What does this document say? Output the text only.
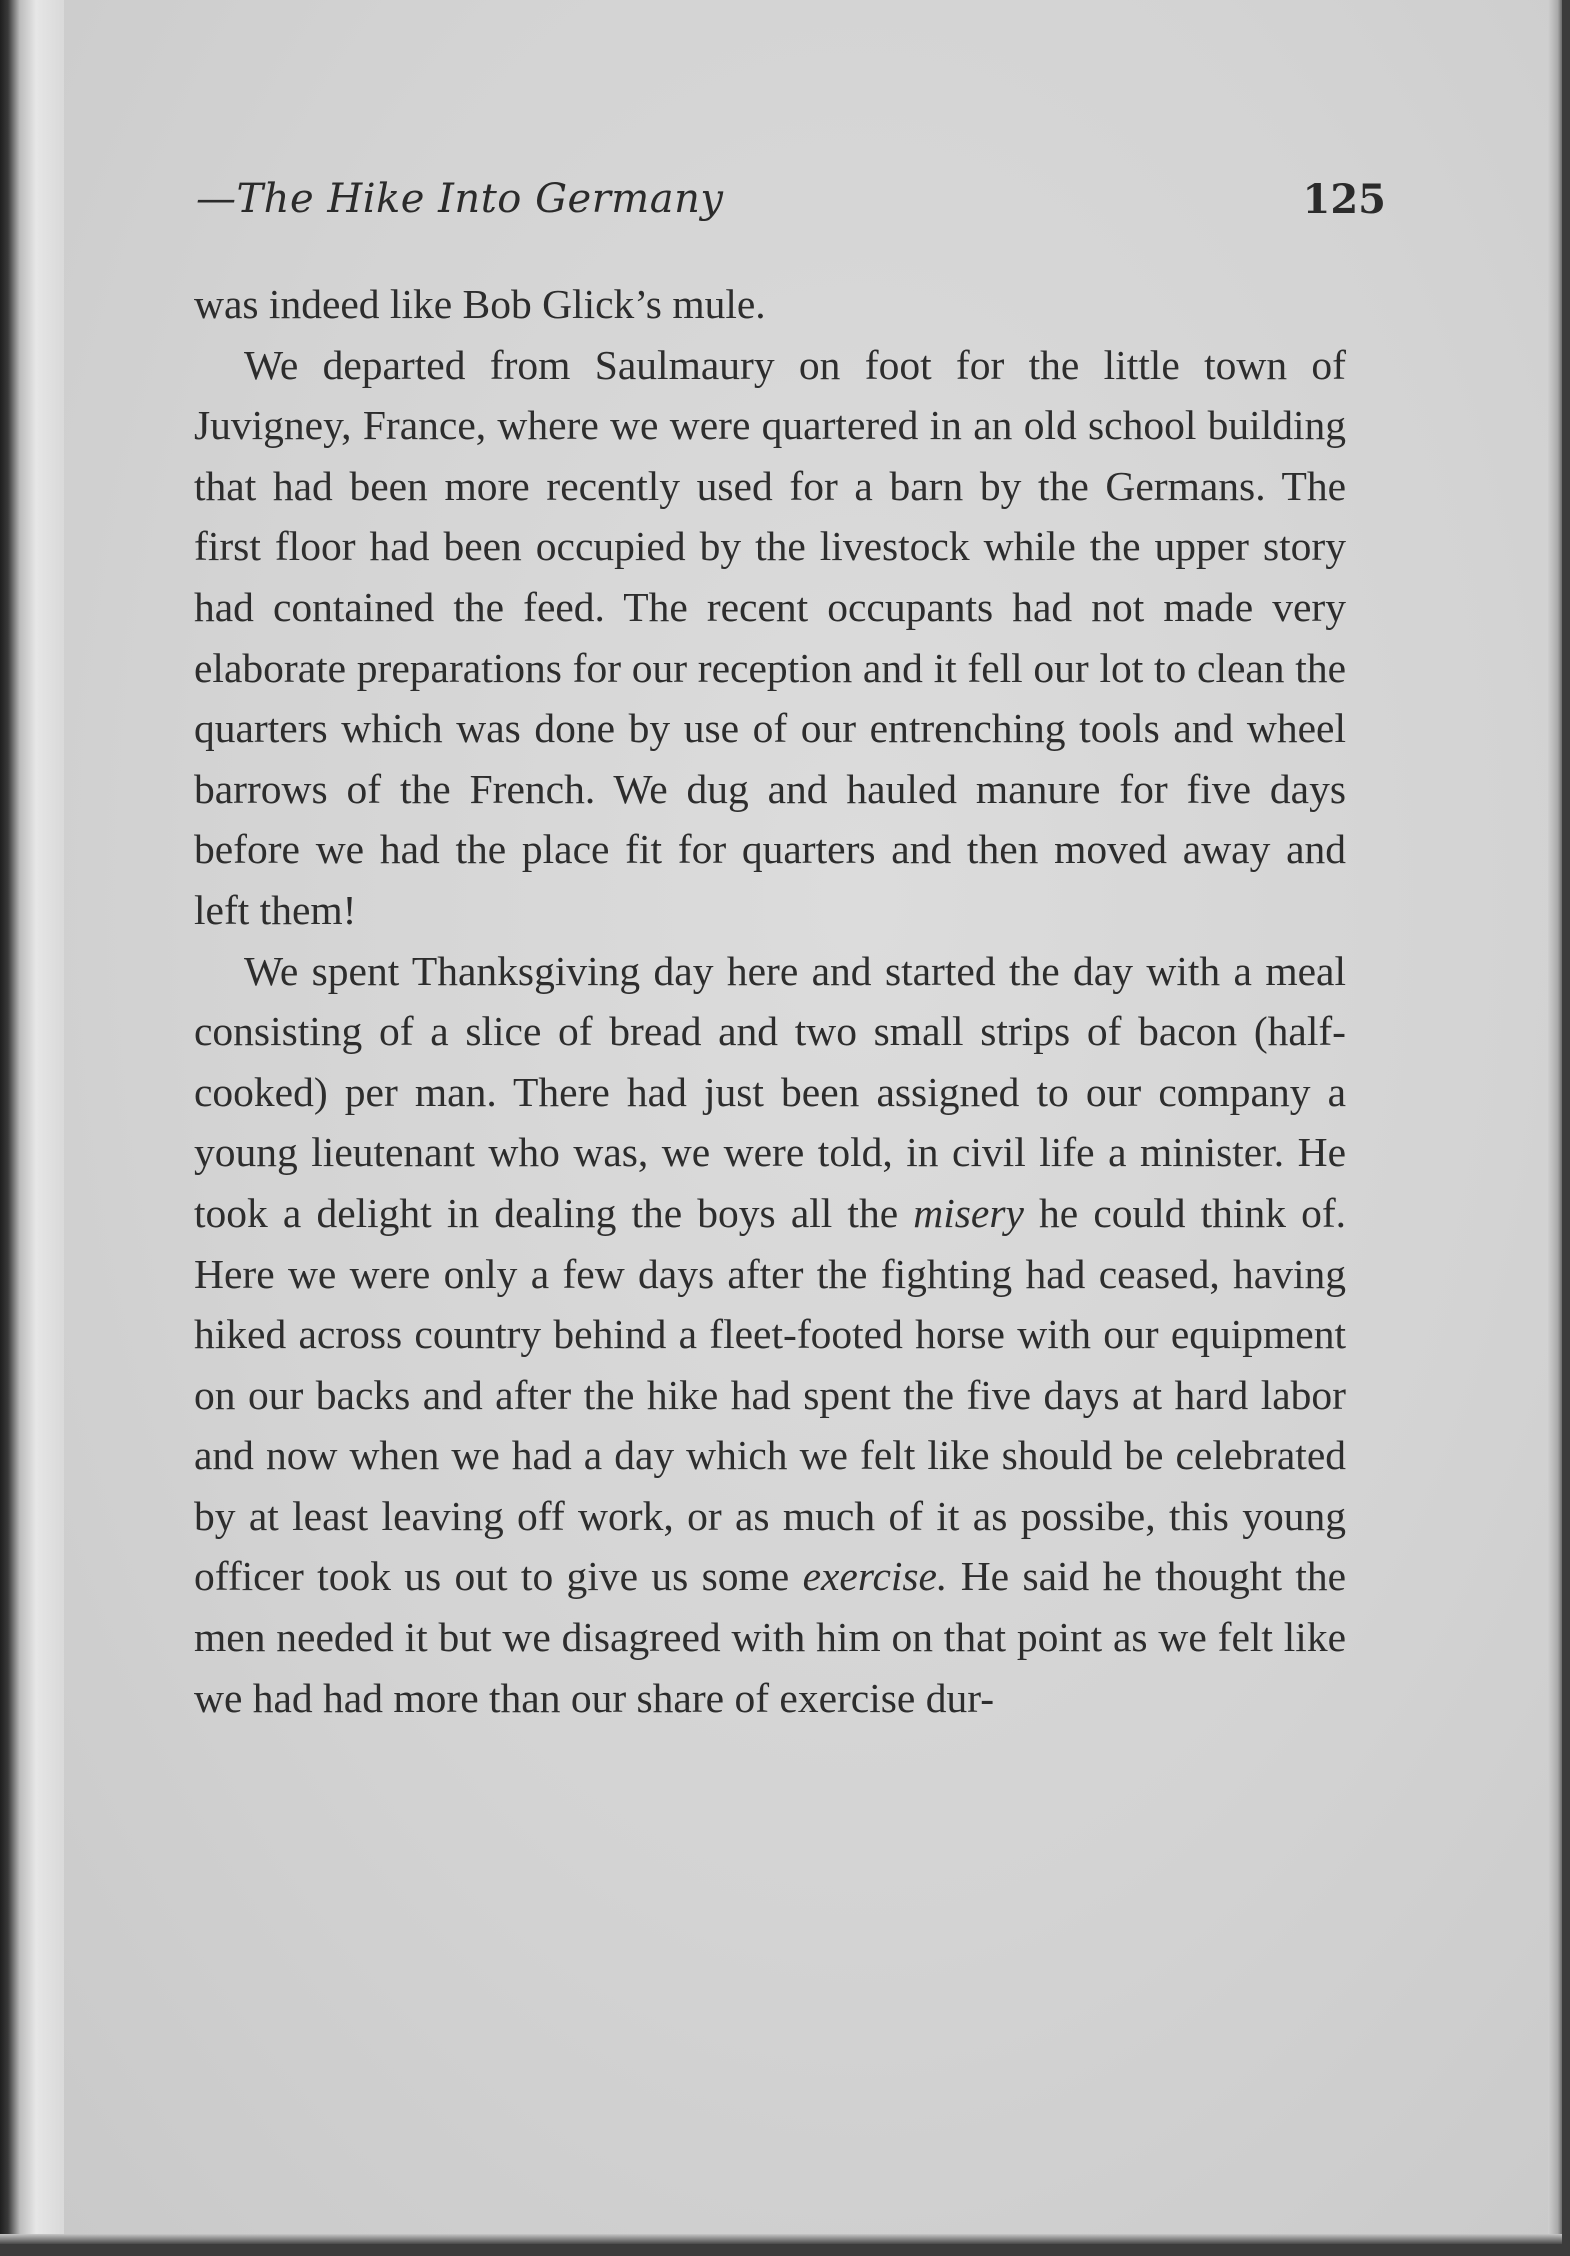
—The Hike Into Germany	125

was indeed like Bob Glick’s mule.

We departed from Saulmaury on foot for the little town of Juvigney, France, where we were quartered in an old school building that had been more recently used for a barn by the Germans. The first floor had been occupied by the livestock while the upper story had contained the feed. The recent occupants had not made very elaborate preparations for our reception and it fell our lot to clean the quarters which was done by use of our entrenching tools and wheel barrows of the French. We dug and hauled manure for five days before we had the place fit for quarters and then moved away and left them!

We spent Thanksgiving day here and started the day with a meal consisting of a slice of bread and two small strips of bacon (half-cooked) per man. There had just been assigned to our company a young lieutenant who was, we were told, in civil life a minister. He took a delight in dealing the boys all the misery he could think of. Here we were only a few days after the fighting had ceased, having hiked across country behind a fleet-footed horse with our equipment on our backs and after the hike had spent the five days at hard labor and now when we had a day which we felt like should be celebrated by at least leaving off work, or as much of it as possibe, this young officer took us out to give us some exercise. He said he thought the men needed it but we disagreed with him on that point as we felt like we had had more than our share of exercise dur-
